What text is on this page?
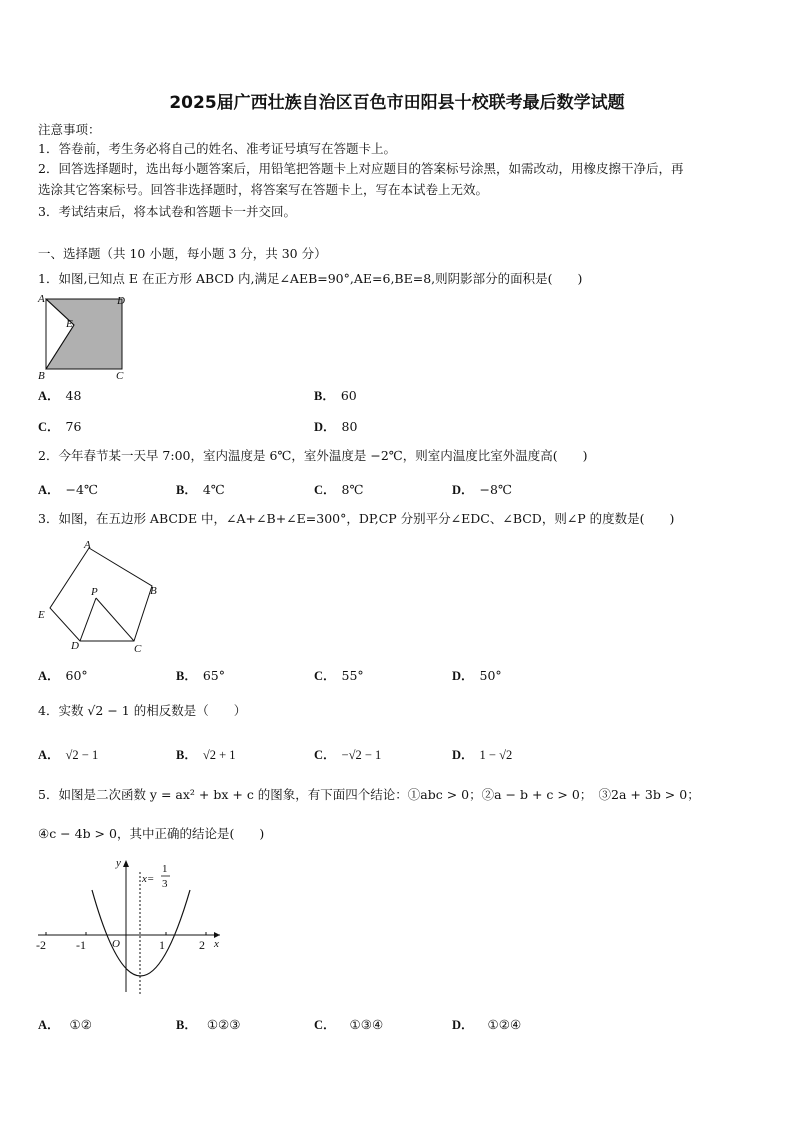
2025届广西壮族自治区百色市田阳县十校联考最后数学试题
注意事项：
1．答卷前，考生务必将自己的姓名、准考证号填写在答题卡上。
2．回答选择题时，选出每小题答案后，用铅笔把答题卡上对应题目的答案标号涂黑，如需改动，用橡皮擦干净后，再
选涂其它答案标号。回答非选择题时，将答案写在答题卡上，写在本试卷上无效。
3．考试结束后，将本试卷和答题卡一并交回。
一、选择题（共 10 小题，每小题 3 分，共 30 分）
1．如图,已知点 E 在正方形 ABCD 内,满足∠AEB=90°,AE=6,BE=8,则阴影部分的面积是(　　)
A	D
E
B	C
A． 48	B． 60
C． 76	D． 80
2．今年春节某一天早 7:00，室内温度是 6℃，室外温度是 −2℃，则室内温度比室外温度高(　　)
A． −4℃	B． 4℃	C． 8℃	D． −8℃
3．如图，在五边形 ABCDE 中，∠A+∠B+∠E=300°，DP,CP 分别平分∠EDC、∠BCD，则∠P 的度数是(　　)
A
B
C
D
E
P
A． 60°	B． 65°	C． 55°	D． 50°
4．实数 √2 − 1 的相反数是（　　）
A． √2 − 1	B． √2 + 1	C． −√2 − 1	D． 1 − √2
5．如图是二次函数 y = ax² + bx + c 的图象，有下面四个结论：①abc > 0；②a − b + c > 0；　③2a + 3b > 0；
④c − 4b > 0，其中正确的结论是(　　)
-2	-1 O	1	2 x
y
x=
1
3
A． ①②	B． ①②③	C． ①③④	D． ①②④
